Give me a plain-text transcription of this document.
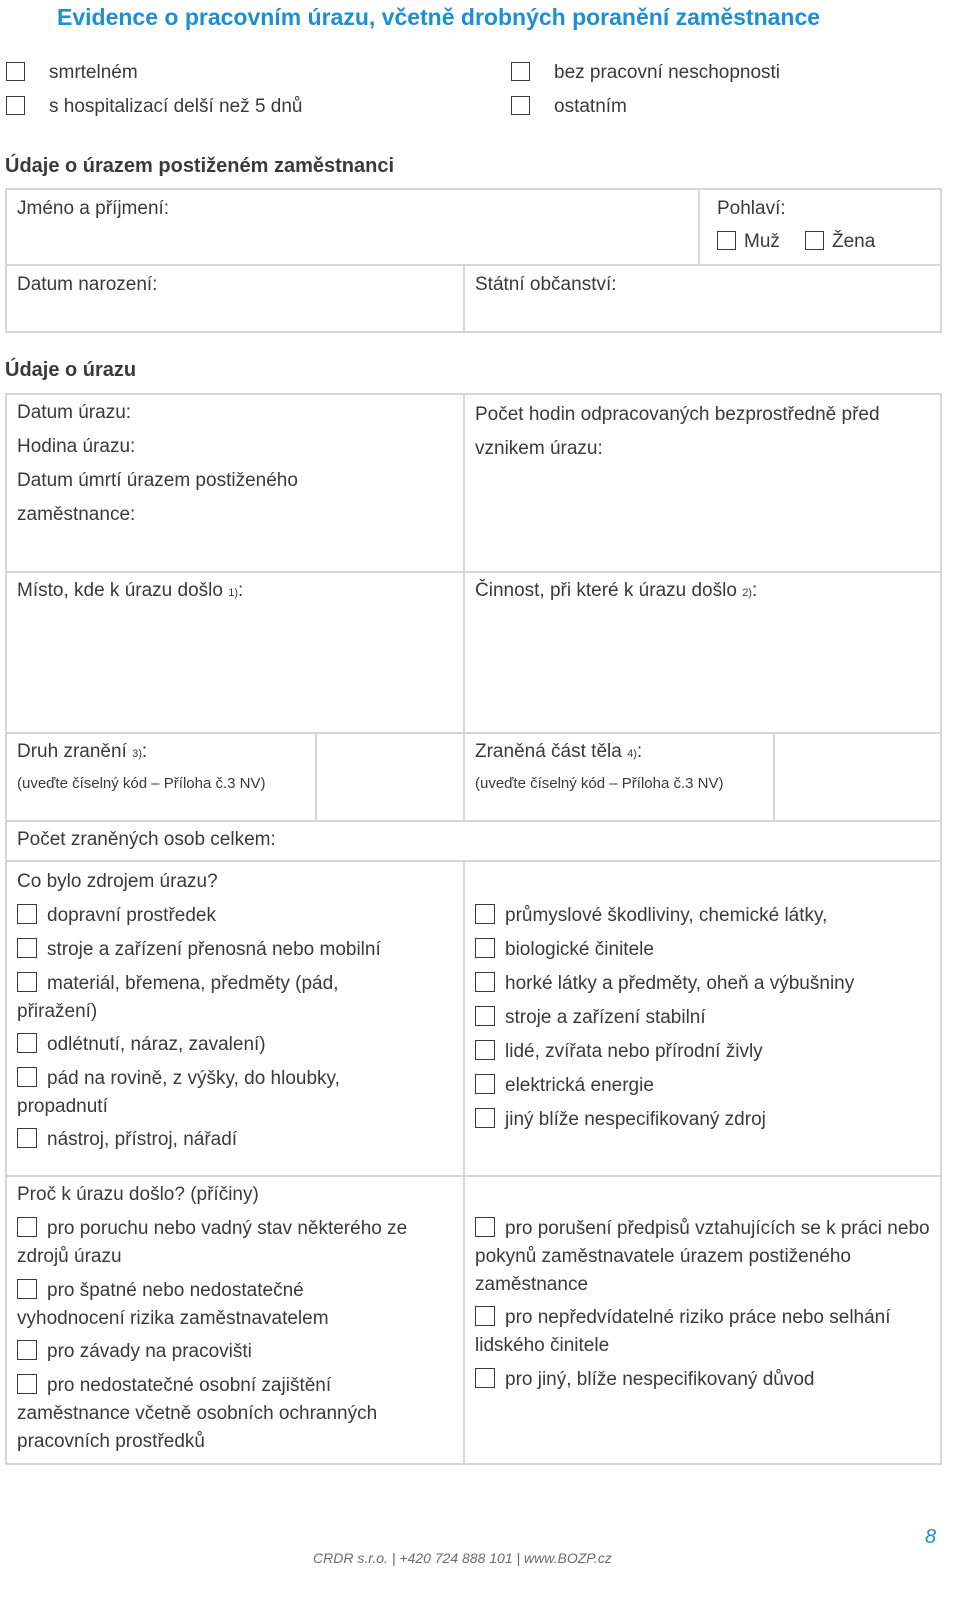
Evidence o pracovním úrazu, včetně drobných poranění zaměstnance
smrtelném
s hospitalizací delší než 5 dnů
bez pracovní neschopnosti
ostatním
Údaje o úrazem postiženém zaměstnanci
Jméno a příjmení:	Pohlaví:
Muž	Žena
Datum narození:	Státní občanství:
Údaje o úrazu
Datum úrazu:
Hodina úrazu:
Datum úmrtí úrazem postiženého zaměstnance:
Počet hodin odpracovaných bezprostředně před vznikem úrazu:
Místo, kde k úrazu došlo 1):	Činnost, při které k úrazu došlo 2):
Druh zranění 3):
(uveďte číselný kód – Příloha č.3 NV)
Zraněná část těla 4):
(uveďte číselný kód – Příloha č.3 NV)
Počet zraněných osob celkem:
Co bylo zdrojem úrazu?
dopravní prostředek
stroje a zařízení přenosná nebo mobilní
materiál, břemena, předměty (pád, přiražení)
odlétnutí, náraz, zavalení)
pád na rovině, z výšky, do hloubky, propadnutí
nástroj, přístroj, nářadí
průmyslové škodliviny, chemické látky,
biologické činitele
horké látky a předměty, oheň a výbušniny
stroje a zařízení stabilní
lidé, zvířata nebo přírodní živly
elektrická energie
jiný blíže nespecifikovaný zdroj
Proč k úrazu došlo? (příčiny)
pro poruchu nebo vadný stav některého ze zdrojů úrazu
pro špatné nebo nedostatečné vyhodnocení rizika zaměstnavatelem
pro závady na pracovišti
pro nedostatečné osobní zajištění zaměstnance včetně osobních ochranných pracovních prostředků
pro porušení předpisů vztahujících se k práci nebo pokynů zaměstnavatele úrazem postiženého zaměstnance
pro nepředvídatelné riziko práce nebo selhání lidského činitele
pro jiný, blíže nespecifikovaný důvod
8
CRDR s.r.o. | +420 724 888 101 | www.BOZP.cz
